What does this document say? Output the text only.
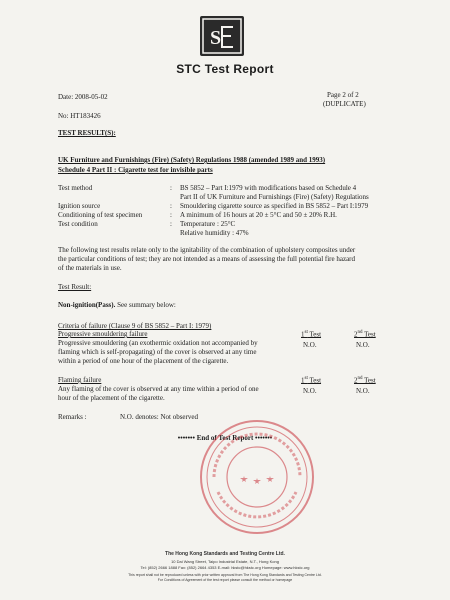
S
STC Test Report
Date: 2008-05-02
No: HT183426
Page 2 of 2
(DUPLICATE)
TEST RESULT(S):
UK Furniture and Furnishings (Fire) (Safety) Regulations 1988 (amended 1989 and 1993)
Schedule 4 Part II : Cigarette test for invisible parts
Test method	: BS 5852 – Part I:1979 with modifications based on Schedule 4
Part II of UK Furniture and Furnishings (Fire) (Safety) Regulations
Ignition source	: Smouldering cigarette source as specified in BS 5852 – Part I:1979
Conditioning of test specimen	: A minimum of 16 hours at 20 ± 5°C and 50 ± 20% R.H.
Test condition	: Temperature : 25°C
Relative humidity : 47%
The following test results relate only to the ignitability of the combination of upholstery composites under
the particular conditions of test; they are not intended as a means of assessing the full potential fire hazard
of the materials in use.
Test Result:
Non-ignition(Pass). See summary below:
Criteria of failure (Clause 9 of BS 5852 – Part I: 1979)
Progressive smouldering failure
Progressive smouldering (an exothermic oxidation not accompanied by
flaming which is self-propagating) of the cover is observed at any time
within a period of one hour of the placement of the cigarette.
1st Test	2nd Test
N.O.	N.O.
Flaming failure
Any flaming of the cover is observed at any time within a period of one
hour of the placement of the cigarette.
1st Test	2nd Test
N.O.	N.O.
Remarks :	N.O. denotes: Not observed
••••••• End of Test Report •••••••
The Hong Kong Standards and Testing Centre Ltd.
10 Dai Wang Street, Taipo Industrial Estate, N.T., Hong Kong
Tel: (852) 2666 1888 Fax: (852) 2664 4353 E-mail: hkstc@hkstc.org Homepage: www.hkstc.org
This report shall not be reproduced unless with prior written approval from The Hong Kong Standards and Testing Centre Ltd.
For Conditions of Agreement of the test report please consult the method or homepage
